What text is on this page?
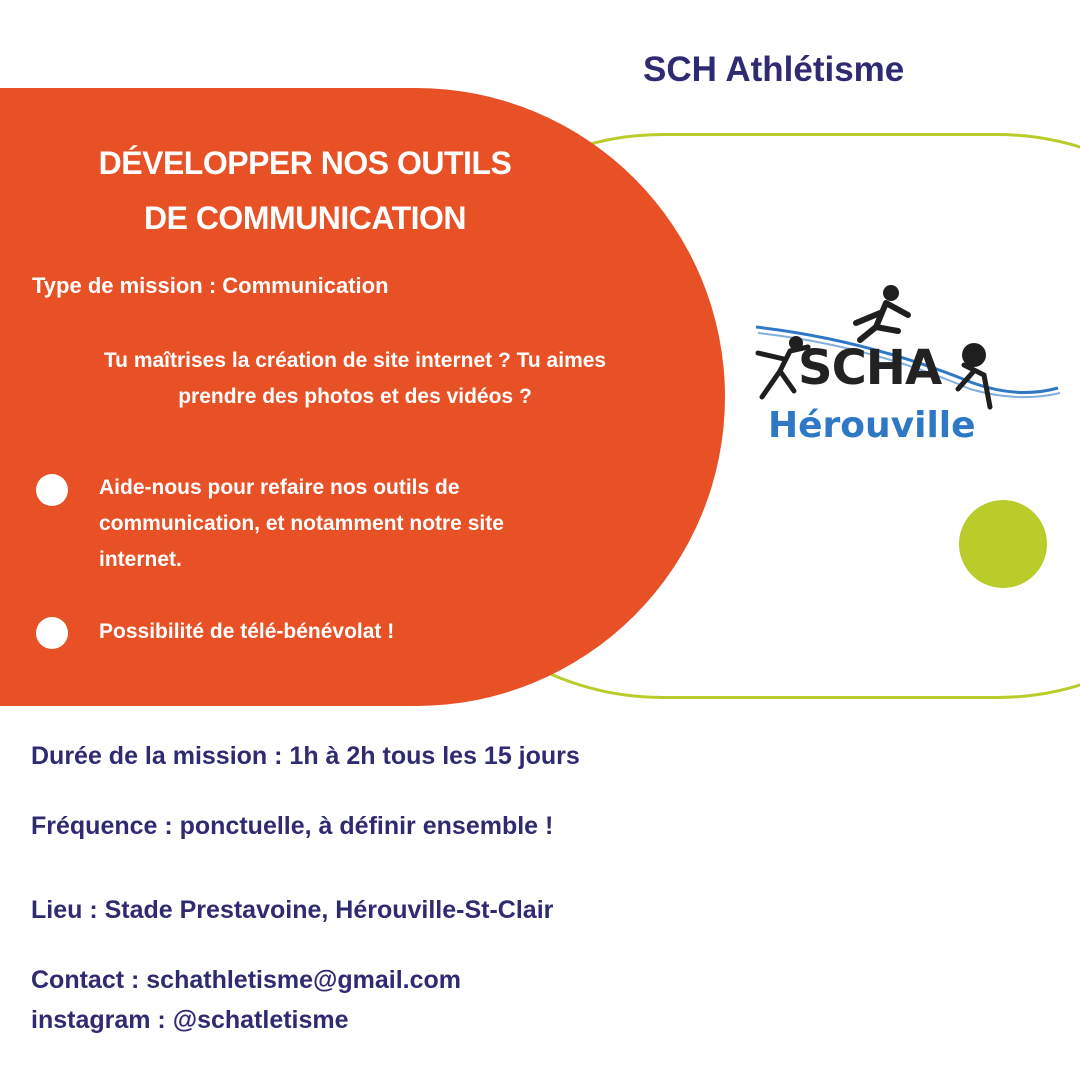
SCH Athlétisme
DÉVELOPPER NOS OUTILS
DE COMMUNICATION
Type de mission : Communication
Tu maîtrises la création de site internet ? Tu aimes
prendre des photos et des vidéos ?
Aide-nous pour refaire nos outils de
communication, et notamment notre site
internet.
Possibilité de télé-bénévolat !
SCHA
Hérouville
Durée de la mission : 1h à 2h tous les 15 jours
Fréquence : ponctuelle, à définir ensemble !
Lieu : Stade Prestavoine, Hérouville-St-Clair
Contact : schathletisme@gmail.com
instagram : @schatletisme
